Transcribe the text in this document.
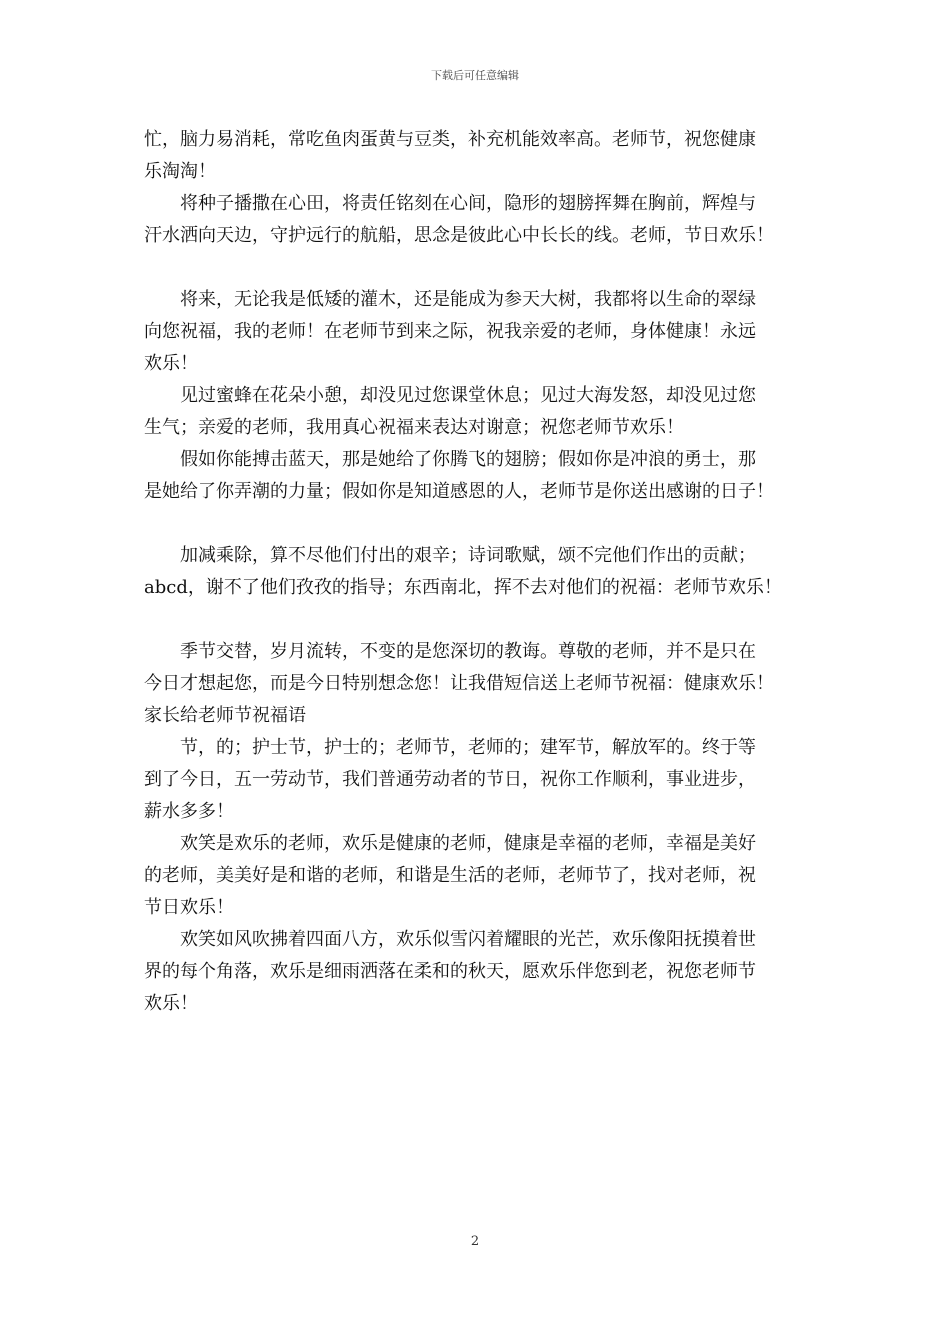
下载后可任意编辑
忙，脑力易消耗，常吃鱼肉蛋黄与豆类，补充机能效率高。老师节，祝您健康
乐淘淘！
　　将种子播撒在心田，将责任铭刻在心间，隐形的翅膀挥舞在胸前，辉煌与
汗水洒向天边，守护远行的航船，思念是彼此心中长长的线。老师，节日欢乐！
　　将来，无论我是低矮的灌木，还是能成为参天大树，我都将以生命的翠绿
向您祝福，我的老师！在老师节到来之际，祝我亲爱的老师，身体健康！永远
欢乐！
　　见过蜜蜂在花朵小憩，却没见过您课堂休息；见过大海发怒，却没见过您
生气；亲爱的老师，我用真心祝福来表达对谢意；祝您老师节欢乐！
　　假如你能搏击蓝天，那是她给了你腾飞的翅膀；假如你是冲浪的勇士，那
是她给了你弄潮的力量；假如你是知道感恩的人，老师节是你送出感谢的日子！
　　加减乘除，算不尽他们付出的艰辛；诗词歌赋，颂不完他们作出的贡献；
abcd，谢不了他们孜孜的指导；东西南北，挥不去对他们的祝福：老师节欢乐！
　　季节交替，岁月流转，不变的是您深切的教诲。尊敬的老师，并不是只在
今日才想起您，而是今日特别想念您！让我借短信送上老师节祝福：健康欢乐！
家长给老师节祝福语
　　节，的；护士节，护士的；老师节，老师的；建军节，解放军的。终于等
到了今日，五一劳动节，我们普通劳动者的节日，祝你工作顺利，事业进步，
薪水多多！
　　欢笑是欢乐的老师，欢乐是健康的老师，健康是幸福的老师，幸福是美好
的老师，美美好是和谐的老师，和谐是生活的老师，老师节了，找对老师，祝
节日欢乐！
　　欢笑如风吹拂着四面八方，欢乐似雪闪着耀眼的光芒，欢乐像阳抚摸着世
界的每个角落，欢乐是细雨洒落在柔和的秋天，愿欢乐伴您到老，祝您老师节
欢乐！
2
